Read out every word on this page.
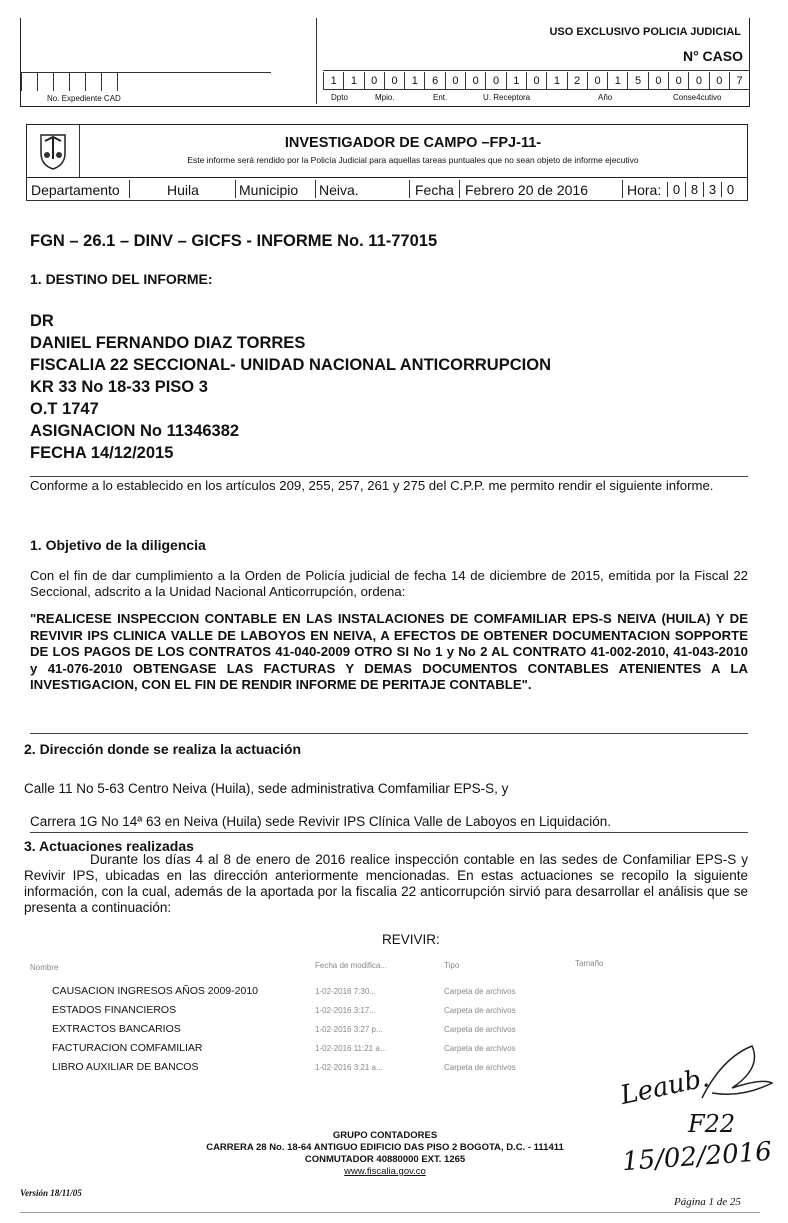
USO EXCLUSIVO POLICIA JUDICIAL
N° CASO
No. Expediente CAD
1 1 0 0 1 6 0 0 0 1 0 1 2 0 1 5 0 0 0 0 7
Dpto	Mpio.	Ent.	U. Receptora	Año	Conse4cutivo
INVESTIGADOR DE CAMPO –FPJ-11-
Este informe será rendido por la Policía Judicial para aquellas tareas puntuales que no sean objeto de informe ejecutivo
Departamento	Huila	Municipio Neiva.	Fecha Febrero 20 de 2016	Hora: 0 8 3 0
FGN – 26.1 – DINV – GICFS - INFORME No. 11-77015
1. DESTINO DEL INFORME:
DR
DANIEL FERNANDO DIAZ TORRES
FISCALIA 22 SECCIONAL- UNIDAD NACIONAL ANTICORRUPCION
KR 33 No 18-33 PISO 3
O.T 1747
ASIGNACION No 11346382
FECHA 14/12/2015
Conforme a lo establecido en los artículos 209, 255, 257, 261 y 275 del C.P.P. me permito rendir el siguiente informe.
1. Objetivo de la diligencia
Con el fin de dar cumplimiento a la Orden de Policía judicial de fecha 14 de diciembre de 2015, emitida por la Fiscal 22 Seccional, adscrito a la Unidad Nacional Anticorrupción, ordena:
"REALICESE INSPECCION CONTABLE EN LAS INSTALACIONES DE COMFAMILIAR EPS-S NEIVA (HUILA) Y DE REVIVIR IPS CLINICA VALLE DE LABOYOS EN NEIVA, A EFECTOS DE OBTENER DOCUMENTACION SOPPORTE DE LOS PAGOS DE LOS CONTRATOS 41-040-2009 OTRO SI No 1 y No 2 AL CONTRATO 41-002-2010, 41-043-2010 y 41-076-2010 OBTENGASE LAS FACTURAS Y DEMAS DOCUMENTOS CONTABLES ATENIENTES A LA INVESTIGACION, CON EL FIN DE RENDIR INFORME DE PERITAJE CONTABLE".
2. Dirección donde se realiza la actuación
Calle 11 No 5-63 Centro Neiva (Huila), sede administrativa Comfamiliar EPS-S, y
Carrera 1G No 14ª 63 en Neiva (Huila) sede Revivir IPS Clínica Valle de Laboyos en Liquidación.
3. Actuaciones realizadas
Durante los días 4 al 8 de enero de 2016 realice inspección contable en las sedes de Confamiliar EPS-S y Revivir IPS, ubicadas en las dirección anteriormente mencionadas. En estas actuaciones se recopilo la siguiente información, con la cual, además de la aportada por la fiscalia 22 anticorrupción sirvió para desarrollar el análisis que se presenta a continuación:
REVIVIR:
Nombre	Fecha de modifica...	Tipo	Tamaño
CAUSACION INGRESOS AÑOS 2009-2010	1-02-2016 7:30...	Carpeta de archivos
ESTADOS FINANCIEROS	1-02-2016 3:17...	Carpeta de archivos
EXTRACTOS BANCARIOS	1-02-2016 3:27 p...	Carpeta de archivos
FACTURACION COMFAMILIAR	1-02-2016 11:21 a...	Carpeta de archivos
LIBRO AUXILIAR DE BANCOS	1-02-2016 3:21 a...	Carpeta de archivos	Leaub.
F22
15/02/2016
GRUPO CONTADORES
CARRERA 28 No. 18-64 ANTIGUO EDIFICIO DAS PISO 2 BOGOTA, D.C. - 111411
CONMUTADOR 40880000 EXT. 1265
www.fiscalia.gov.co
Versión 18/11/05
Página 1 de 25
